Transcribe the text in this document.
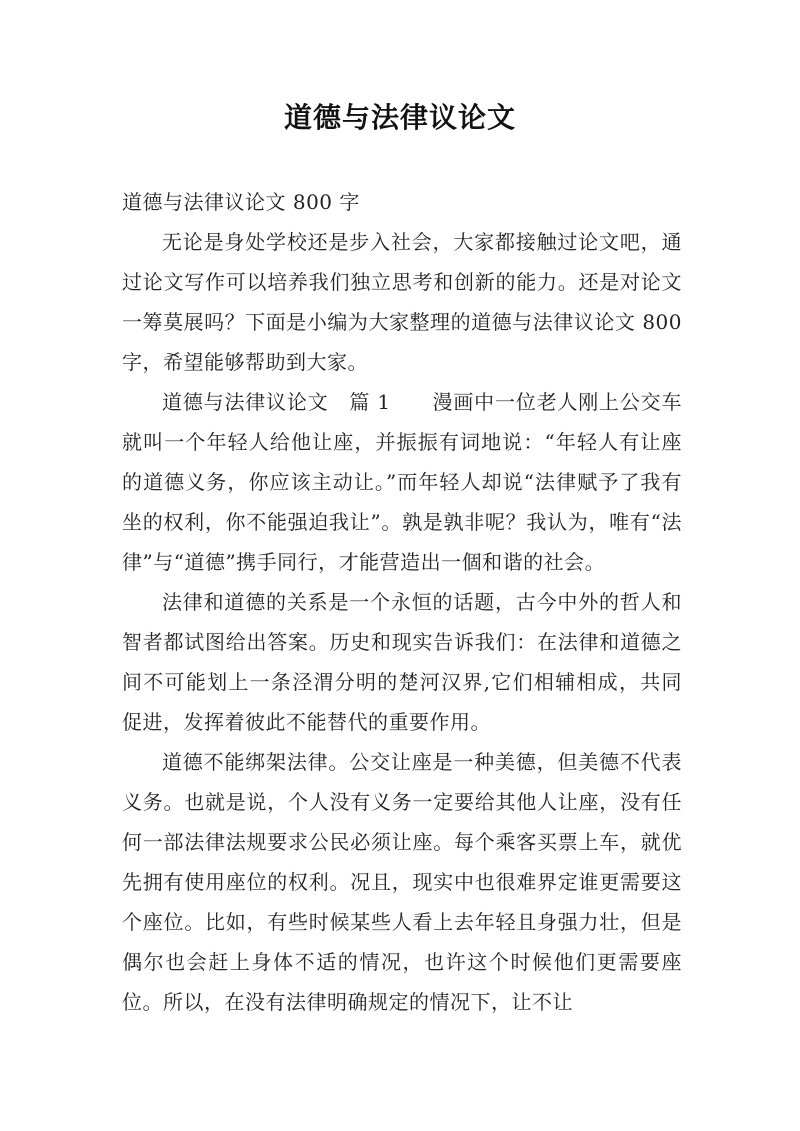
道德与法律议论文

道德与法律议论文 800 字

无论是身处学校还是步入社会，大家都接触过论文吧，通过论文写作可以培养我们独立思考和创新的能力。还是对论文一筹莫展吗？下面是小编为大家整理的道德与法律议论文 800 字，希望能够帮助到大家。

道德与法律议论文　篇 1　　漫画中一位老人刚上公交车就叫一个年轻人给他让座，并振振有词地说：“年轻人有让座的道德义务，你应该主动让。”而年轻人却说“法律赋予了我有坐的权利，你不能强迫我让”。孰是孰非呢？我认为，唯有“法律”与“道德”携手同行，才能营造出一個和谐的社会。

法律和道德的关系是一个永恒的话题，古今中外的哲人和智者都试图给出答案。历史和现实告诉我们：在法律和道德之间不可能划上一条泾渭分明的楚河汉界,它们相辅相成，共同促进，发挥着彼此不能替代的重要作用。

道德不能绑架法律。公交让座是一种美德，但美德不代表义务。也就是说，个人没有义务一定要给其他人让座，没有任何一部法律法规要求公民必须让座。每个乘客买票上车，就优先拥有使用座位的权利。况且，现实中也很难界定谁更需要这个座位。比如，有些时候某些人看上去年轻且身强力壮，但是偶尔也会赶上身体不适的情况，也许这个时候他们更需要座位。所以，在没有法律明确规定的情况下，让不让
